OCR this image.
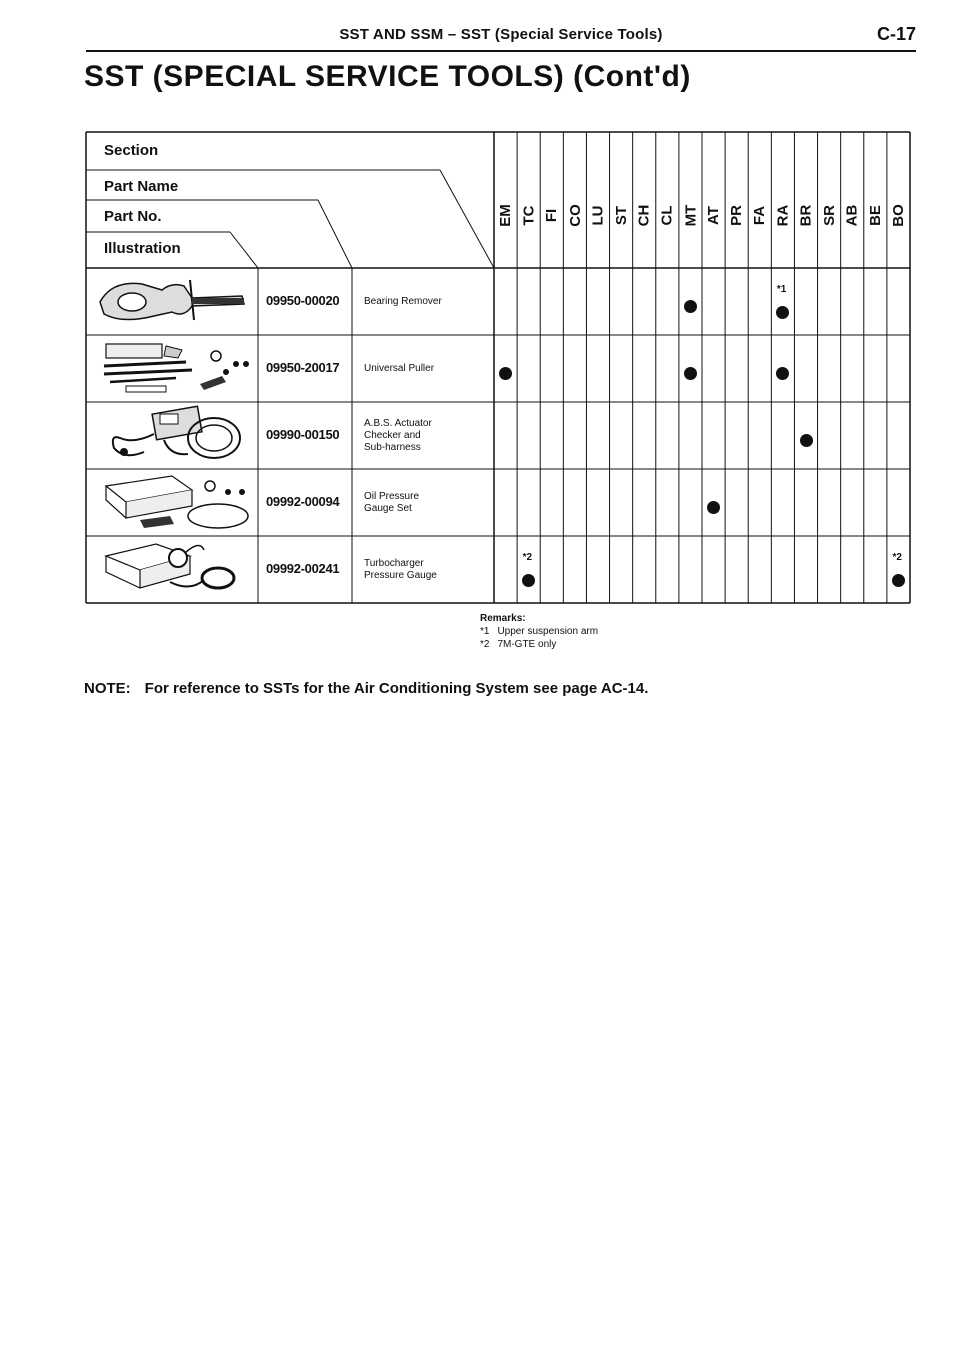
SST AND SSM – SST (Special Service Tools)	C-17
SST (SPECIAL SERVICE TOOLS) (Cont'd)
Section
Part Name
Part No.
Illustration
EM TC FI CO LU ST CH CL MT AT PR FA RA BR SR AB BE BO
09950-00020 Bearing Remover
*1
09950-20017 Universal Puller
09990-00150
A.B.S. Actuator
Checker and
Sub-harness
09992-00094 Oil Pressure
Gauge Set
09992-00241 Turbocharger
Pressure Gauge
*2	*2
Remarks:
*1 Upper suspension arm
*2 7M-GTE only
NOTE: For reference to SSTs for the Air Conditioning System see page AC-14.
